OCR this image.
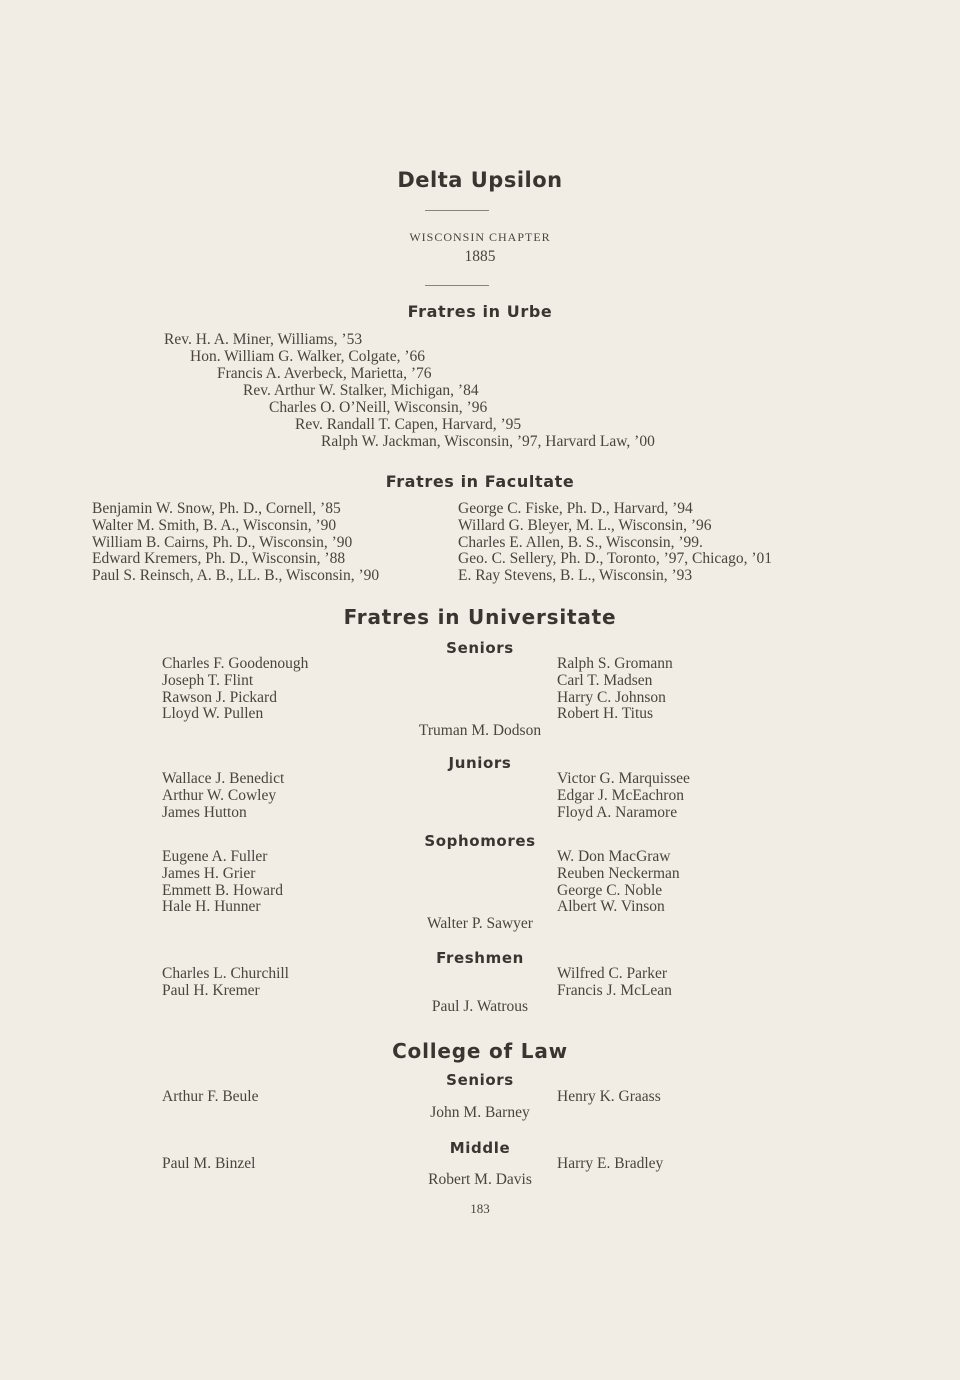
Delta Upsilon
WISCONSIN CHAPTER
1885
Fratres in Urbe
Rev. H. A. Miner, Williams, ’53
Hon. William G. Walker, Colgate, ’66
Francis A. Averbeck, Marietta, ’76
Rev. Arthur W. Stalker, Michigan, ’84
Charles O. O’Neill, Wisconsin, ’96
Rev. Randall T. Capen, Harvard, ’95
Ralph W. Jackman, Wisconsin, ’97, Harvard Law, ’00
Fratres in Facultate
Benjamin W. Snow, Ph. D., Cornell, ’85
Walter M. Smith, B. A., Wisconsin, ’90
William B. Cairns, Ph. D., Wisconsin, ’90
Edward Kremers, Ph. D., Wisconsin, ’88
Paul S. Reinsch, A. B., LL. B., Wisconsin, ’90
George C. Fiske, Ph. D., Harvard, ’94
Willard G. Bleyer, M. L., Wisconsin, ’96
Charles E. Allen, B. S., Wisconsin, ’99.
Geo. C. Sellery, Ph. D., Toronto, ’97, Chicago, ’01
E. Ray Stevens, B. L., Wisconsin, ’93
Fratres in Universitate
Seniors
Charles F. Goodenough
Joseph T. Flint
Rawson J. Pickard
Lloyd W. Pullen
Ralph S. Gromann
Carl T. Madsen
Harry C. Johnson
Robert H. Titus
Truman M. Dodson
Juniors
Wallace J. Benedict
Arthur W. Cowley
James Hutton
Victor G. Marquissee
Edgar J. McEachron
Floyd A. Naramore
Sophomores
Eugene A. Fuller
James H. Grier
Emmett B. Howard
Hale H. Hunner
W. Don MacGraw
Reuben Neckerman
George C. Noble
Albert W. Vinson
Walter P. Sawyer
Freshmen
Charles L. Churchill
Paul H. Kremer
Wilfred C. Parker
Francis J. McLean
Paul J. Watrous
College of Law
Seniors
Arthur F. Beule	Henry K. Graass
John M. Barney
Middle
Paul M. Binzel	Harry E. Bradley
Robert M. Davis
183
